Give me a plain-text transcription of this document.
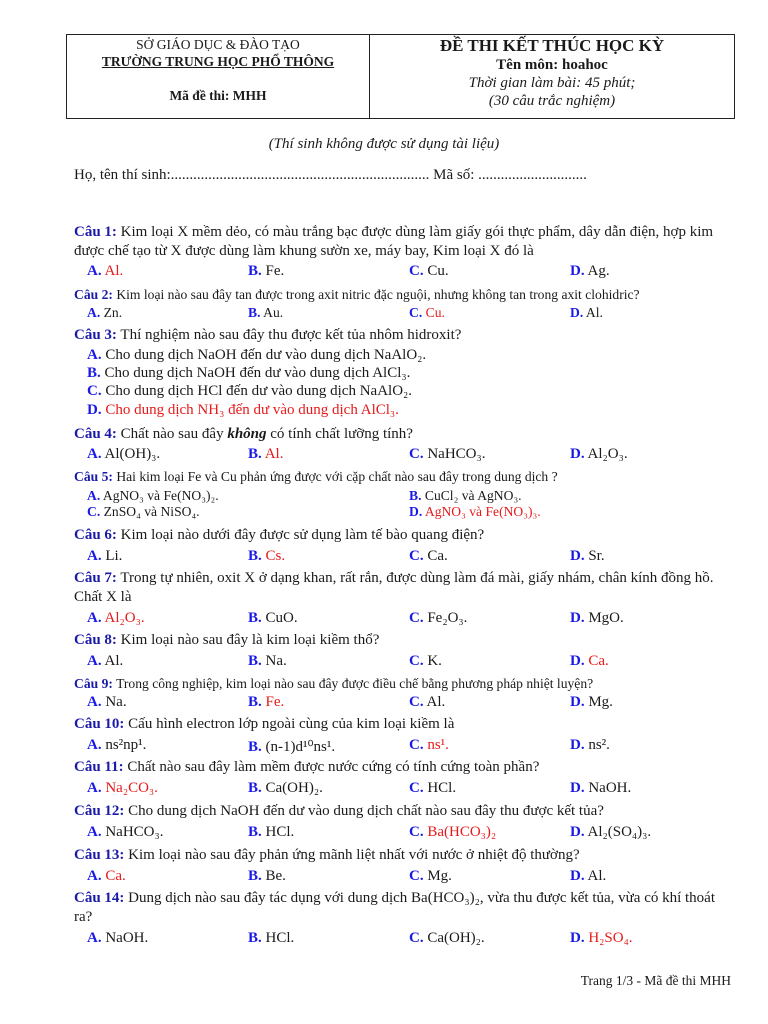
SỞ GIÁO DỤC & ĐÀO TẠO
TRƯỜNG TRUNG HỌC PHỔ THÔNG
Mã đề thi: MHH
ĐỀ THI KẾT THÚC HỌC KỲ
Tên môn: hoahoc
Thời gian làm bài: 45 phút;
(30 câu trắc nghiệm)
(Thí sinh không được sử dụng tài liệu)
Họ, tên thí sinh:..................................................................... Mã số: .............................
Câu 1: Kim loại X mềm dẻo, có màu trắng bạc được dùng làm giấy gói thực phẩm, dây dẫn điện, hợp kim được chế tạo từ X được dùng làm khung sườn xe, máy bay, Kim loại X đó là
A. Al.	B. Fe.	C. Cu.	D. Ag.
Câu 2: Kim loại nào sau đây tan được trong axit nitric đặc nguội, nhưng không tan trong axit clohidric?
A. Zn.	B. Au.	C. Cu.	D. Al.
Câu 3: Thí nghiệm nào sau đây thu được kết tủa nhôm hidroxit?
A. Cho dung dịch NaOH đến dư vào dung dịch NaAlO₂.
B. Cho dung dịch NaOH đến dư vào dung dịch AlCl₃.
C. Cho dung dịch HCl đến dư vào dung dịch NaAlO₂.
D. Cho dung dịch NH₃ đến dư vào dung dịch AlCl₃.
Câu 4: Chất nào sau đây không có tính chất lưỡng tính?
A. Al(OH)₃.	B. Al.	C. NaHCO₃.	D. Al₂O₃.
Câu 5: Hai kim loại Fe và Cu phản ứng được với cặp chất nào sau đây trong dung dịch ?
A. AgNO₃ và Fe(NO₃)₂.	B. CuCl₂ và AgNO₃.
C. ZnSO₄ và NiSO₄.	D. AgNO₃ và Fe(NO₃)₃.
Câu 6: Kim loại nào dưới đây được sử dụng làm tế bào quang điện?
A. Li.	B. Cs.	C. Ca.	D. Sr.
Câu 7: Trong tự nhiên, oxit X ở dạng khan, rất rắn, được dùng làm đá mài, giấy nhám, chân kính đồng hồ. Chất X là
A. Al₂O₃.	B. CuO.	C. Fe₂O₃.	D. MgO.
Câu 8: Kim loại nào sau đây là kim loại kiềm thổ?
A. Al.	B. Na.	C. K.	D. Ca.
Câu 9: Trong công nghiệp, kim loại nào sau đây được điều chế bằng phương pháp nhiệt luyện?
A. Na.	B. Fe.	C. Al.	D. Mg.
Câu 10: Cấu hình electron lớp ngoài cùng của kim loại kiềm là
A. ns²np¹.	B. (n-1)d¹⁰ns¹.	C. ns¹.	D. ns².
Câu 11: Chất nào sau đây làm mềm được nước cứng có tính cứng toàn phần?
A. Na₂CO₃.	B. Ca(OH)₂.	C. HCl.	D. NaOH.
Câu 12: Cho dung dịch NaOH đến dư vào dung dịch chất nào sau đây thu được kết tủa?
A. NaHCO₃.	B. HCl.	C. Ba(HCO₃)₂	D. Al₂(SO₄)₃.
Câu 13: Kim loại nào sau đây phản ứng mãnh liệt nhất với nước ở nhiệt độ thường?
A. Ca.	B. Be.	C. Mg.	D. Al.
Câu 14: Dung dịch nào sau đây tác dụng với dung dịch Ba(HCO₃)₂, vừa thu được kết tủa, vừa có khí thoát ra?
A. NaOH.	B. HCl.	C. Ca(OH)₂.	D. H₂SO₄.
Trang 1/3 - Mã đề thi MHH
